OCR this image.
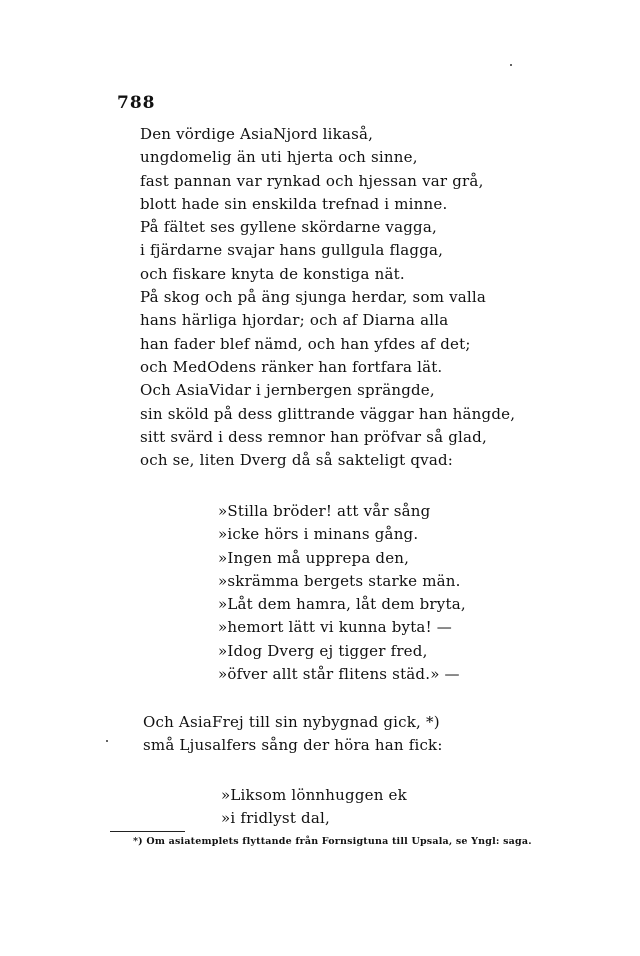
788
Den vördige AsiaNjord likaså,
ungdomelig än uti hjerta och sinne,
fast pannan var rynkad och hjessan var grå,
blott hade sin enskilda trefnad i minne.
På fältet ses gyllene skördarne vagga,
i fjärdarne svajar hans gullgula flagga,
och fiskare knyta de konstiga nät.
På skog och på äng sjunga herdar, som valla
hans härliga hjordar; och af Diarna alla
han fader blef nämd, och han yfdes af det;
och MedOdens ränker han fortfara lät.
Och AsiaVidar i jernbergen sprängde,
sin sköld på dess glittrande väggar han hängde,
sitt svärd i dess remnor han pröfvar så glad,
och se, liten Dverg då så sakteligt qvad:
»Stilla bröder! att vår sång
»icke hörs i minans gång.
»Ingen må upprepa den,
»skrämma bergets starke män.
»Låt dem hamra, låt dem bryta,
»hemort lätt vi kunna byta! —
»Idog Dverg ej tigger fred,
»öfver allt står flitens städ.» —
Och AsiaFrej till sin nybygnad gick, *)
små Ljusalfers sång der höra han fick:
»Liksom lönnhuggen ek
»i fridlyst dal,
*) Om asiatemplets flyttande från Fornsigtuna till Upsala, se Yngl: saga.
